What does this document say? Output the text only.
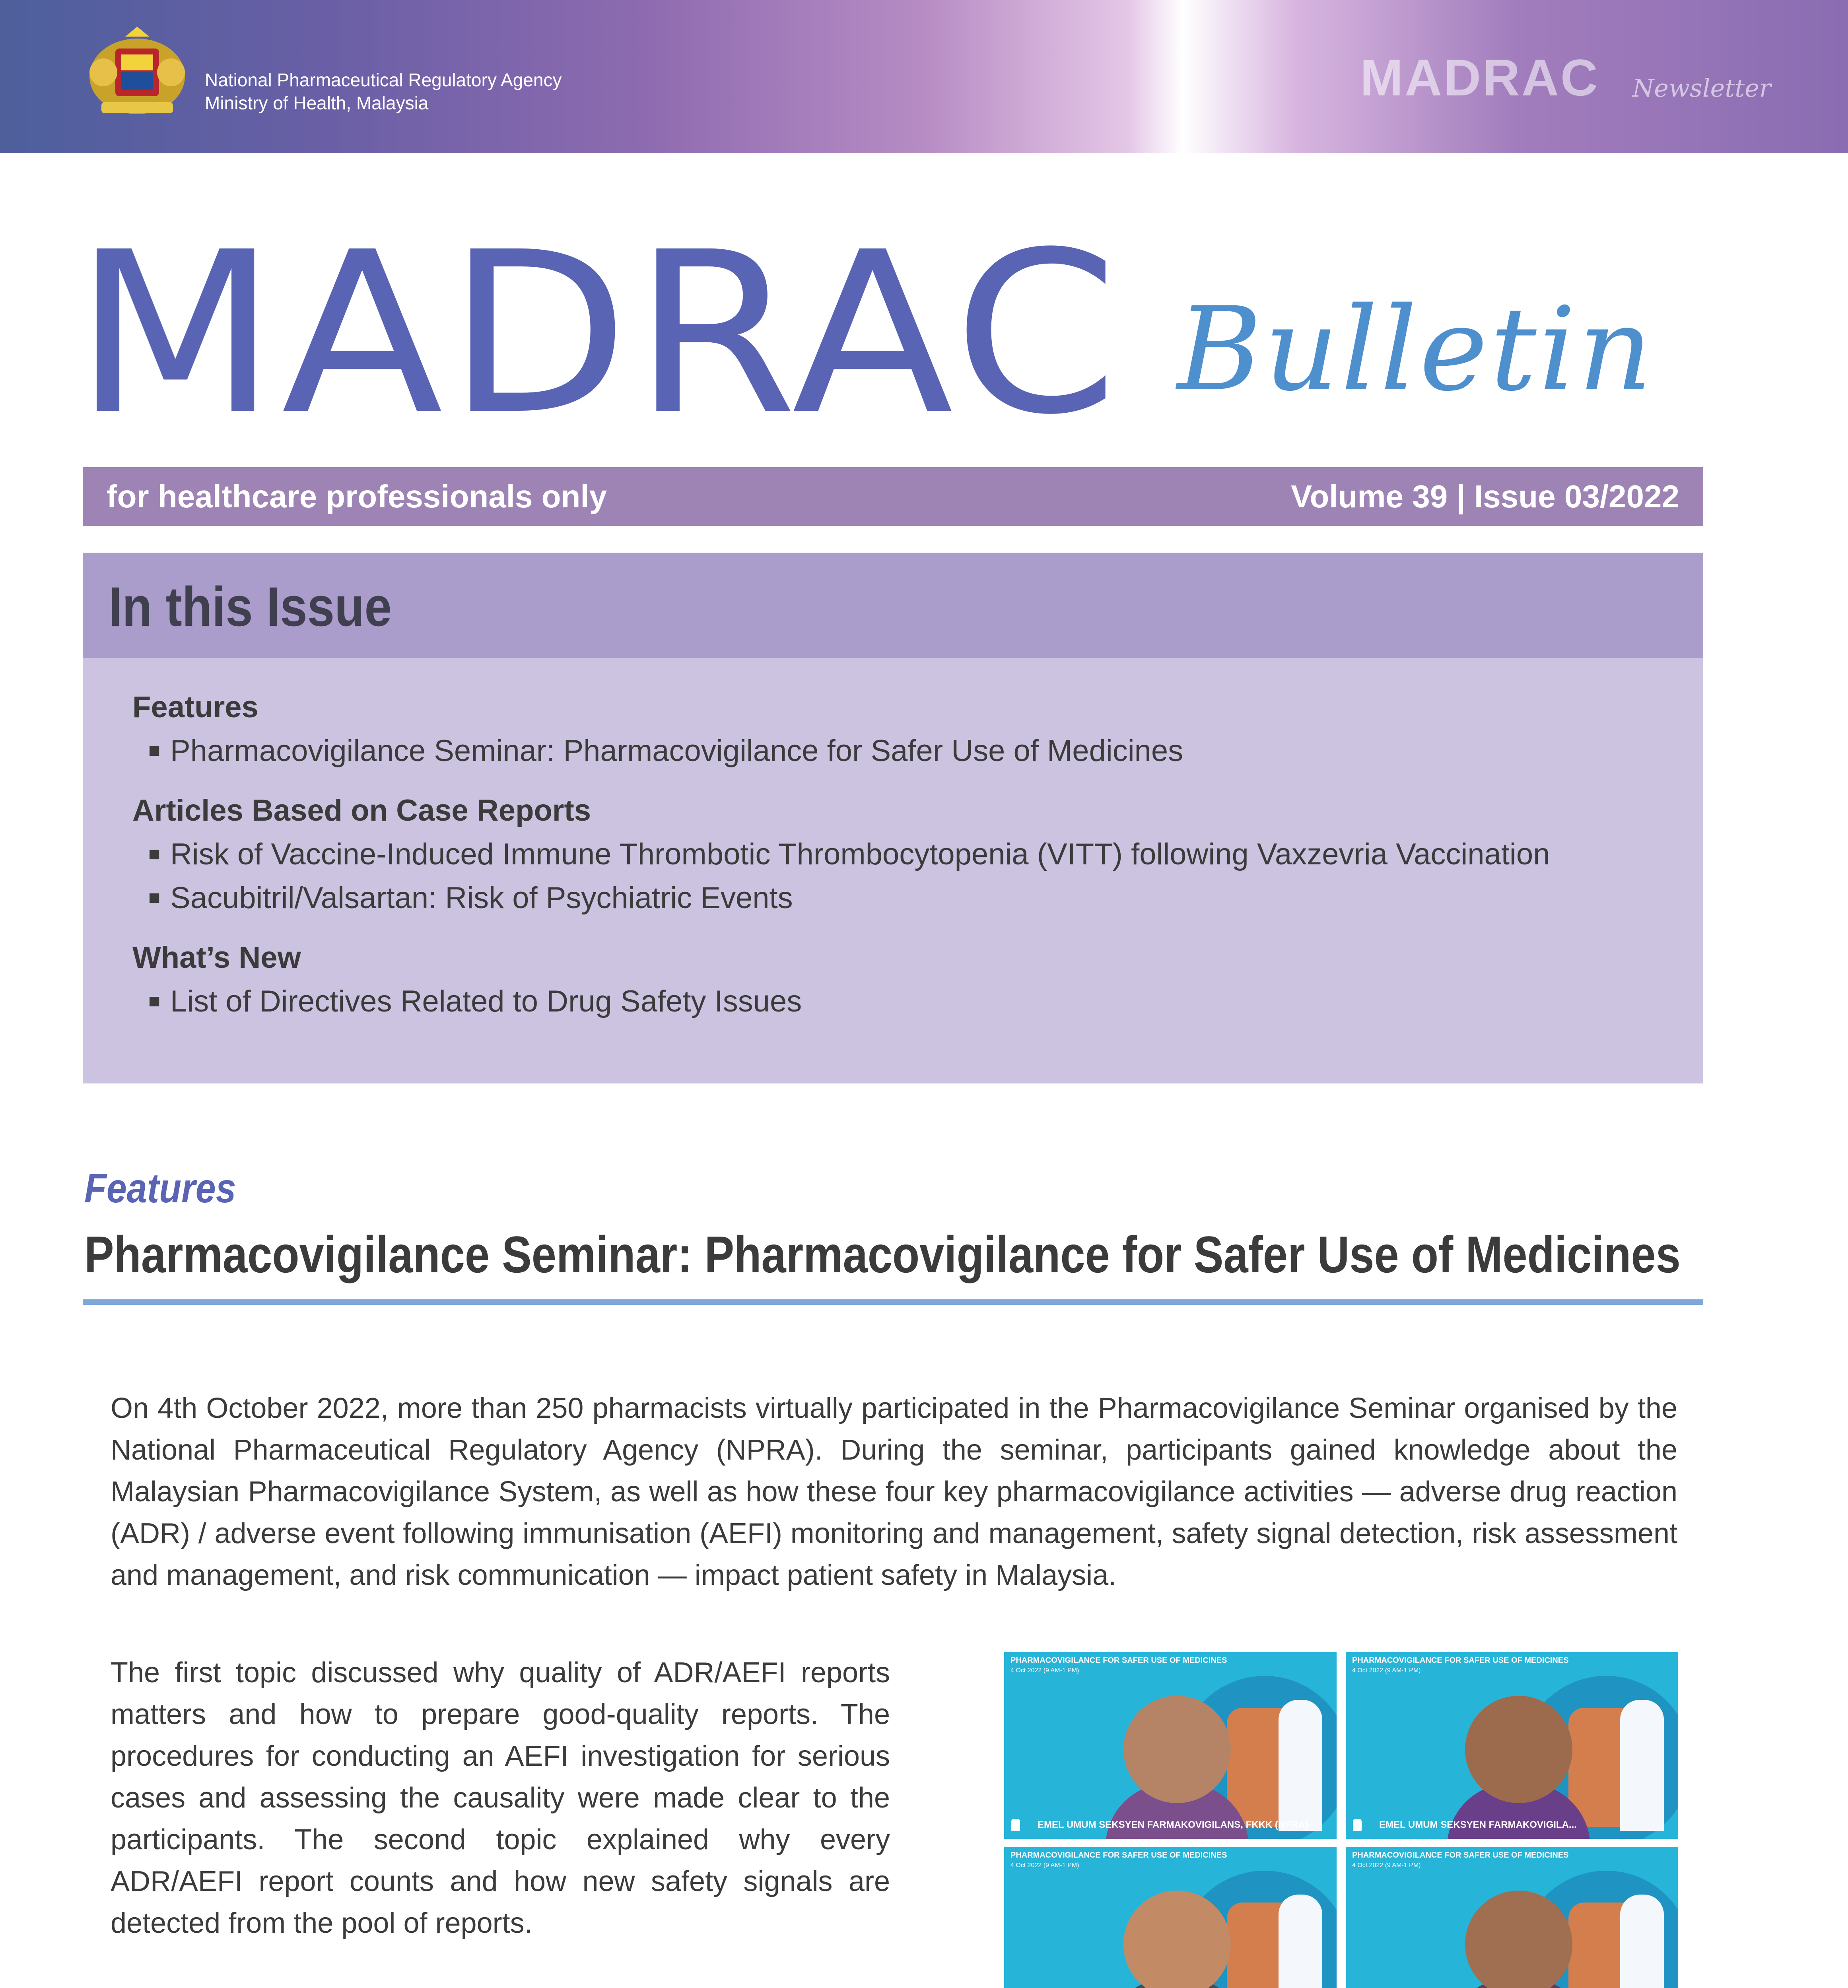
National Pharmaceutical Regulatory Agency
Ministry of Health, Malaysia	MADRAC Newsletter
MADRAC Bulletin
for healthcare professionals only	Volume 39 | Issue 03/2022
In this Issue
Features
■ Pharmacovigilance Seminar: Pharmacovigilance for Safer Use of Medicines
Articles Based on Case Reports
■ Risk of Vaccine-Induced Immune Thrombotic Thrombocytopenia (VITT) following Vaxzevria Vaccination
■ Sacubitril/Valsartan: Risk of Psychiatric Events
What’s New
■ List of Directives Related to Drug Safety Issues
Features
Pharmacovigilance Seminar: Pharmacovigilance for Safer Use of Medicines
On 4th October 2022, more than 250 pharmacists virtually participated in the Pharmacovigilance Seminar organised by the National Pharmaceutical Regulatory Agency (NPRA). During the seminar, participants gained knowledge about the Malaysian Pharmacovigilance System, as well as how these four key pharmacovigilance activities — adverse drug reaction (ADR) / adverse event following immunisation (AEFI) monitoring and management, safety signal detection, risk assessment and management, and risk communication — impact patient safety in Malaysia.
The first topic discussed why quality of ADR/AEFI reports matters and how to prepare good-quality reports. The procedures for conducting an AEFI investigation for serious cases and assessing the causality were made clear to the participants. The second topic explained why every ADR/AEFI report counts and how new safety signals are detected from the pool of reports.
PHARMACOVIGILANCE FOR SAFER USE OF MEDICINES
4 Oct 2022 (9 AM-1 PM)
EMEL UMUM SEKSYEN FARMAKOVIGILANS, FKKK (NPRA)
PHARMACOVIGILANCE FOR SAFER USE OF MEDICINES
4 Oct 2022 (9 AM-1 PM)
EMEL UMUM SEKSYEN FARMAKOVIGILA...
PHARMACOVIGILANCE FOR SAFER USE OF MEDICINES
4 Oct 2022 (9 AM-1 PM)
PHARMACOVIGILANCE FOR SAFER USE OF MEDICINES
4 Oct 2022 (9 AM-1 PM)
